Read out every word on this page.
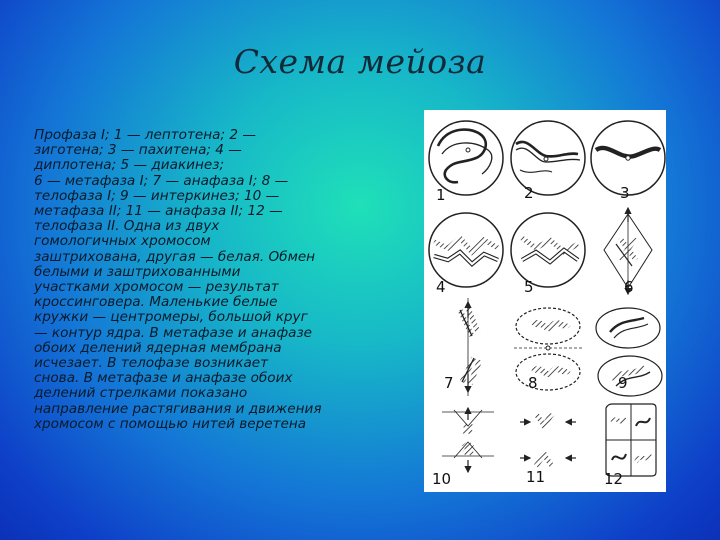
Схема мейоза
Профаза I; 1 — лептотена; 2 —
зиготена; 3 — пахитена; 4 —
диплотена; 5 — диакинез;
6 — метафаза I; 7 — анафаза I; 8 —
телофаза I; 9 — интеркинез; 10 —
метафаза II; 11 — анафаза II; 12 —
телофаза II. Одна из двух
гомологичных хромосом
заштрихована, другая — белая. Обмен
белыми и заштрихованными
участками хромосом — результат
кроссинговера. Маленькие белые
кружки — центромеры, большой круг
— контур ядра. В метафазе и анафазе
обоих делений ядерная мембрана
исчезает. В телофазе возникает
снова. В метафазе и анафазе обоих
делений стрелками показано
направление растягивания и движения
хромосом с помощью нитей веретена
1	2	3
4	5	6
7	8	9
10	11	12
